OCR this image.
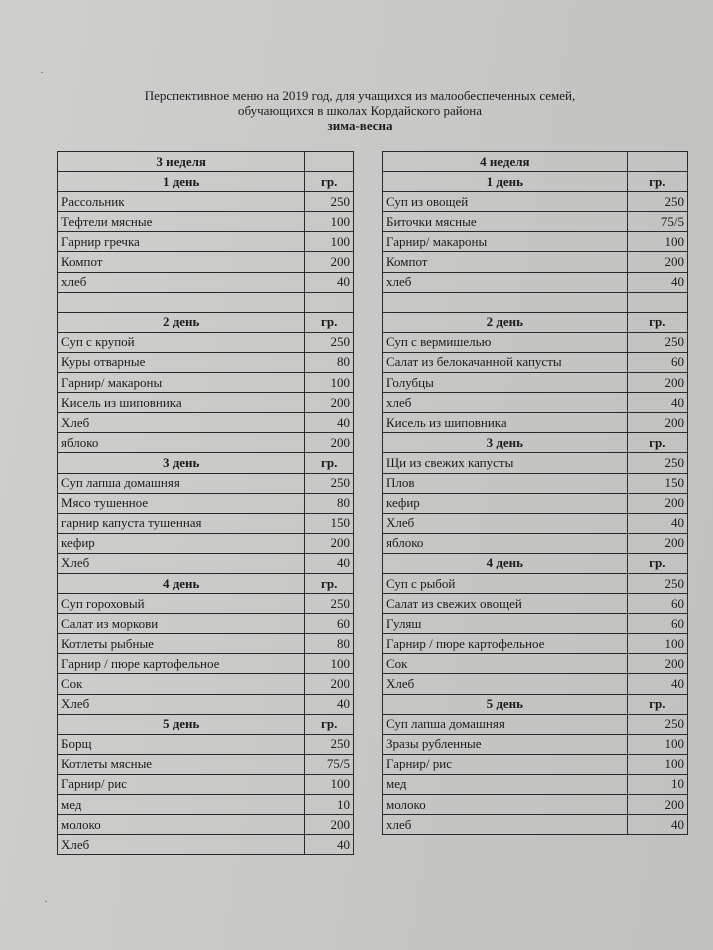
Перспективное меню на 2019 год, для учащихся из малообеспеченных семей,
обучающихся в школах Кордайского района
зима-весна
3 неделя	
1 день	гр.
Рассольник	250
Тефтели мясные	100
Гарнир гречка	100
Компот	200
хлеб	40

2 день	гр.
Суп с крупой	250
Куры отварные	80
Гарнир/ макароны	100
Кисель из шиповника	200
Хлеб	40
яблоко	200
3 день	гр.
Суп лапша домашняя	250
Мясо тушенное	80
гарнир капуста тушенная	150
кефир	200
Хлеб	40
4 день	гр.
Суп гороховый	250
Салат из моркови	60
Котлеты рыбные	80
Гарнир / пюре картофельное	100
Сок	200
Хлеб	40
5 день	гр.
Борщ	250
Котлеты мясные	75/5
Гарнир/ рис	100
мед	10
молоко	200
Хлеб	40
4 неделя	
1 день	гр.
Суп из овощей	250
Биточки мясные	75/5
Гарнир/ макароны	100
Компот	200
хлеб	40

2 день	гр.
Суп с вермишелью	250
Салат из белокачанной капусты	60
Голубцы	200
хлеб	40
Кисель из шиповника	200
3 день	гр.
Щи из свежих капусты	250
Плов	150
кефир	200
Хлеб	40
яблоко	200
4 день	гр.
Суп с рыбой	250
Салат из свежих овощей	60
Гуляш	60
Гарнир / пюре картофельное	100
Сок	200
Хлеб	40
5 день	гр.
Суп лапша домашняя	250
Зразы рубленные	100
Гарнир/ рис	100
мед	10
молоко	200
хлеб	40
·
·
